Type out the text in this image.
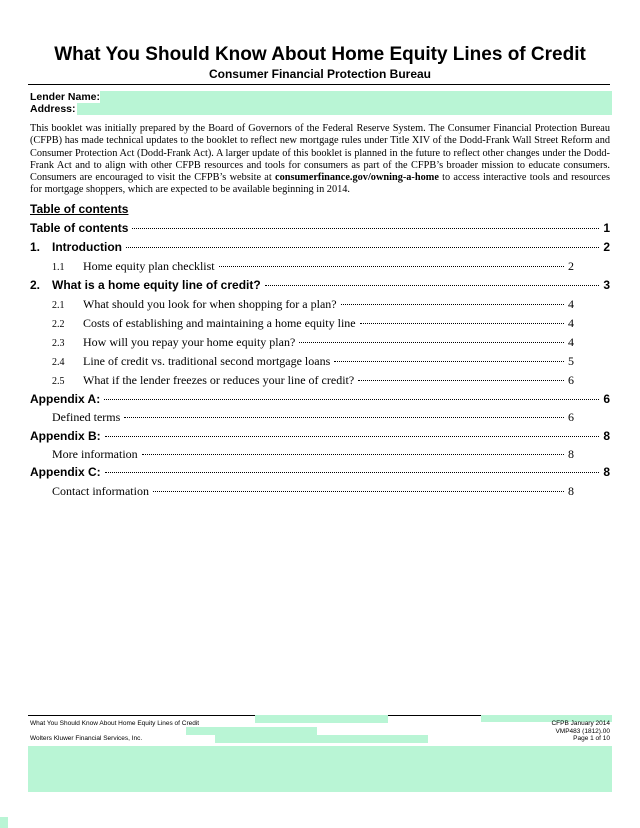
What You Should Know About Home Equity Lines of Credit
Consumer Financial Protection Bureau
Lender Name:
Address:
This booklet was initially prepared by the Board of Governors of the Federal Reserve System. The Consumer Financial Protection Bureau (CFPB) has made technical updates to the booklet to reflect new mortgage rules under Title XIV of the Dodd-Frank Wall Street Reform and Consumer Protection Act (Dodd-Frank Act). A larger update of this booklet is planned in the future to reflect other changes under the Dodd-Frank Act and to align with other CFPB resources and tools for consumers as part of the CFPB’s broader mission to educate consumers. Consumers are encouraged to visit the CFPB’s website at consumerfinance.gov/owning-a-home to access interactive tools and resources for mortgage shoppers, which are expected to be available beginning in 2014.
Table of contents
Table of contents	1
1. Introduction	2
1.1	Home equity plan checklist	2
2. What is a home equity line of credit?	3
2.1	What should you look for when shopping for a plan?	4
2.2	Costs of establishing and maintaining a home equity line	4
2.3	How will you repay your home equity plan?	4
2.4	Line of credit vs. traditional second mortgage loans	5
2.5	What if the lender freezes or reduces your line of credit?	6
Appendix A:	6
Defined terms	6
Appendix B:	8
More information	8
Appendix C:	8
Contact information	8
What You Should Know About Home Equity Lines of Credit
Wolters Kluwer Financial Services, Inc.
CFPB January 2014
VMP483 (1812).00
Page 1 of 10
